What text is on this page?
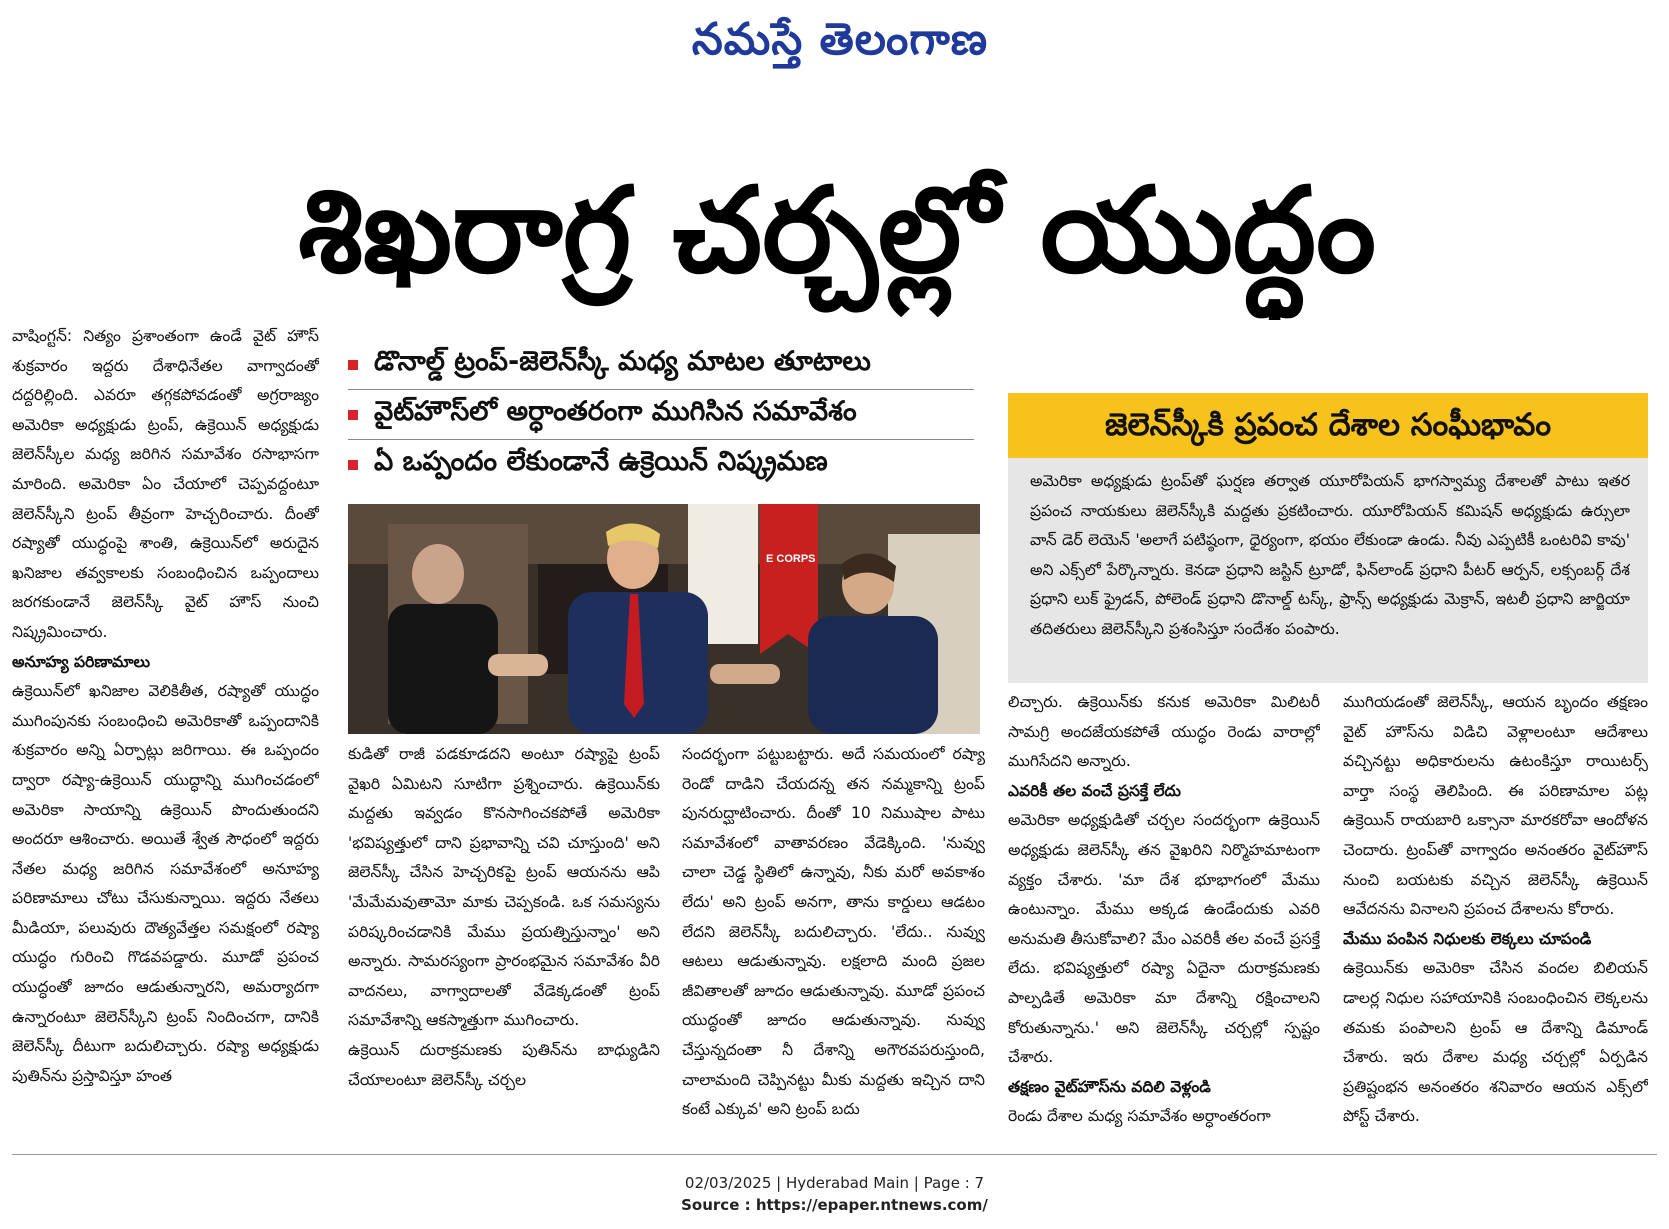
నమస్తే తెలంగాణ
శిఖరాగ్ర చర్చల్లో యుద్ధం

వాషింగ్టన్: నిత్యం ప్రశాంతంగా ఉండే వైట్ హౌస్ శుక్రవారం ఇద్దరు దేశాధినేతల వాగ్వాదంతో దద్దరిల్లింది. ఎవరూ తగ్గకపోవడంతో అగ్రరాజ్యం అమెరికా అధ్యక్షుడు ట్రంప్, ఉక్రెయిన్ అధ్యక్షుడు జెలెన్‌స్కీల మధ్య జరిగిన సమావేశం రసాభాసగా మారింది. అమెరికా ఏం చేయాలో చెప్పవద్దంటూ జెలెన్‌స్కీని ట్రంప్ తీవ్రంగా హెచ్చరించారు. దీంతో రష్యాతో యుద్ధంపై శాంతి, ఉక్రెయిన్‌లో అరుదైన ఖనిజాల తవ్వకాలకు సంబంధించిన ఒప్పందాలు జరగకుండానే జెలెన్‌స్కీ వైట్ హౌస్ నుంచి నిష్క్రమించారు.

అనూహ్య పరిణామాలు

ఉక్రెయిన్‌లో ఖనిజాల వెలికితీత, రష్యాతో యుద్ధం ముగింపునకు సంబంధించి అమెరికాతో ఒప్పందానికి శుక్రవారం అన్ని ఏర్పాట్లు జరిగాయి. ఈ ఒప్పందం ద్వారా రష్యా-ఉక్రెయిన్ యుద్ధాన్ని ముగించడంలో అమెరికా సాయాన్ని ఉక్రెయిన్ పొందుతుందని అందరూ ఆశించారు. అయితే శ్వేత సౌధంలో ఇద్దరు నేతల మధ్య జరిగిన సమావేశంలో అనూహ్య పరిణామాలు చోటు చేసుకున్నాయి. ఇద్దరు నేతలు మీడియా, పలువురు దౌత్యవేత్తల సమక్షంలో రష్యా యుద్ధం గురించి గొడవపడ్డారు. మూడో ప్రపంచ యుద్ధంతో జూదం ఆడుతున్నారని, అమర్యాదగా ఉన్నారంటూ జెలెన్‌స్కీని ట్రంప్ నిందించగా, దానికి జెలెన్‌స్కీ దీటుగా బదులిచ్చారు. రష్యా అధ్యక్షుడు పుతిన్‌ను ప్రస్తావిస్తూ హంత

డొనాల్డ్ ట్రంప్-జెలెన్‌స్కీ మధ్య మాటల తూటాలు
వైట్‌హౌస్‌లో అర్ధాంతరంగా ముగిసిన సమావేశం
ఏ ఒప్పందం లేకుండానే ఉక్రెయిన్ నిష్క్రమణ
E CORPS

కుడితో రాజీ పడకూడదని అంటూ రష్యాపై ట్రంప్ వైఖరి ఏమిటని సూటిగా ప్రశ్నించారు. ఉక్రెయిన్‌కు మద్దతు ఇవ్వడం కొనసాగించకపోతే అమెరికా 'భవిష్యత్తులో దాని ప్రభావాన్ని చవి చూస్తుంది' అని జెలెన్‌స్కీ చేసిన హెచ్చరికపై ట్రంప్ ఆయనను ఆపి 'మేమేమవుతామో మాకు చెప్పకండి. ఒక సమస్యను పరిష్కరించడానికి మేము ప్రయత్నిస్తున్నాం' అని అన్నారు. సామరస్యంగా ప్రారంభమైన సమావేశం వీరి వాదనలు, వాగ్వాదాలతో వేడెక్కడంతో ట్రంప్ సమావేశాన్ని ఆకస్మాత్తుగా ముగించారు.

ఉక్రెయిన్ దురాక్రమణకు పుతిన్‌ను బాధ్యుడిని చేయాలంటూ జెలెన్‌స్కీ చర్చల

సందర్భంగా పట్టుబట్టారు. అదే సమయంలో రష్యా రెండో దాడిని చేయదన్న తన నమ్మకాన్ని ట్రంప్ పునరుద్ఘాటించారు. దీంతో 10 నిముషాల పాటు సమావేశంలో వాతావరణం వేడెక్కింది. 'నువ్వు చాలా చెడ్డ స్థితిలో ఉన్నావు, నీకు మరో అవకాశం లేదు' అని ట్రంప్ అనగా, తాను కార్డులు ఆడటం లేదని జెలెన్‌స్కీ బదులిచ్చారు. 'లేదు.. నువ్వు ఆటలు ఆడుతున్నావు. లక్షలాది మంది ప్రజల జీవితాలతో జూదం ఆడుతున్నావు. మూడో ప్రపంచ యుద్ధంతో జూదం ఆడుతున్నావు. నువ్వు చేస్తున్నదంతా నీ దేశాన్ని అగౌరవపరుస్తుంది, చాలామంది చెప్పినట్టు మీకు మద్దతు ఇచ్చిన దాని కంటే ఎక్కువ' అని ట్రంప్ బదు

జెలెన్‌స్కీకి ప్రపంచ దేశాల సంఘీభావం
అమెరికా అధ్యక్షుడు ట్రంప్‌తో ఘర్షణ తర్వాత యూరోపియన్ భాగస్వామ్య దేశాలతో పాటు ఇతర ప్రపంచ నాయకులు జెలెన్‌స్కీకి మద్దతు ప్రకటించారు. యూరోపియన్ కమిషన్ అధ్యక్షుడు ఉర్సులా వాన్ డెర్ లెయెన్ 'అలాగే పటిష్ఠంగా, ధైర్యంగా, భయం లేకుండా ఉండు. నీవు ఎప్పటికీ ఒంటరివి కావు' అని ఎక్స్‌లో పేర్కొన్నారు. కెనడా ప్రధాని జస్టిన్ ట్రూడో, ఫిన్‌లాండ్ ప్రధాని పీటర్ ఆర్పన్, లక్సంబర్గ్ దేశ ప్రధాని లుక్ ఫ్రైడన్, పోలెండ్ ప్రధాని డొనాల్డ్ టస్క్, ఫ్రాన్స్ అధ్యక్షుడు మెక్రాన్, ఇటలీ ప్రధాని జార్జియా తదితరులు జెలెన్‌స్కీని ప్రశంసిస్తూ సందేశం పంపారు.

లిచ్చారు. ఉక్రెయిన్‌కు కనుక అమెరికా మిలిటరీ సామగ్రి అందజేయకపోతే యుద్ధం రెండు వారాల్లో ముగిసేదని అన్నారు.

ఎవరికీ తల వంచే ప్రసక్తే లేదు

అమెరికా అధ్యక్షుడితో చర్చల సందర్భంగా ఉక్రెయిన్ అధ్యక్షుడు జెలెన్‌స్కీ తన వైఖరిని నిర్మొహమాటంగా వ్యక్తం చేశారు. 'మా దేశ భూభాగంలో మేము ఉంటున్నాం. మేము అక్కడ ఉండేందుకు ఎవరి అనుమతి తీసుకోవాలి? మేం ఎవరికీ తల వంచే ప్రసక్తే లేదు. భవిష్యత్తులో రష్యా ఏదైనా దురాక్రమణకు పాల్పడితే అమెరికా మా దేశాన్ని రక్షించాలని కోరుతున్నాను.' అని జెలెన్‌స్కీ చర్చల్లో స్పష్టం చేశారు.

తక్షణం వైట్‌హౌస్‌ను వదిలి వెళ్లండి

రెండు దేశాల మధ్య సమావేశం అర్ధాంతరంగా

ముగియడంతో జెలెన్‌స్కీ, ఆయన బృందం తక్షణం వైట్ హౌస్‌ను విడిచి వెళ్లాలంటూ ఆదేశాలు వచ్చినట్టు అధికారులను ఉటంకిస్తూ రాయిటర్స్ వార్తా సంస్థ తెలిపింది. ఈ పరిణామాల పట్ల ఉక్రెయిన్ రాయబారి ఒక్సానా మారకరోవా ఆందోళన చెందారు. ట్రంప్‌తో వాగ్వాదం అనంతరం వైట్‌హౌస్ నుంచి బయటకు వచ్చిన జెలెన్‌స్కీ ఉక్రెయిన్ ఆవేదనను వినాలని ప్రపంచ దేశాలను కోరారు.

మేము పంపిన నిధులకు లెక్కలు చూపండి

ఉక్రెయిన్‌కు అమెరికా చేసిన వందల బిలియన్ డాలర్ల నిధుల సహాయానికి సంబంధించిన లెక్కలను తమకు పంపాలని ట్రంప్ ఆ దేశాన్ని డిమాండ్ చేశారు. ఇరు దేశాల మధ్య చర్చల్లో ఏర్పడిన ప్రతిష్టంభన అనంతరం శనివారం ఆయన ఎక్స్‌లో పోస్ట్ చేశారు.

02/03/2025 | Hyderabad Main | Page : 7
Source : https://epaper.ntnews.com/
